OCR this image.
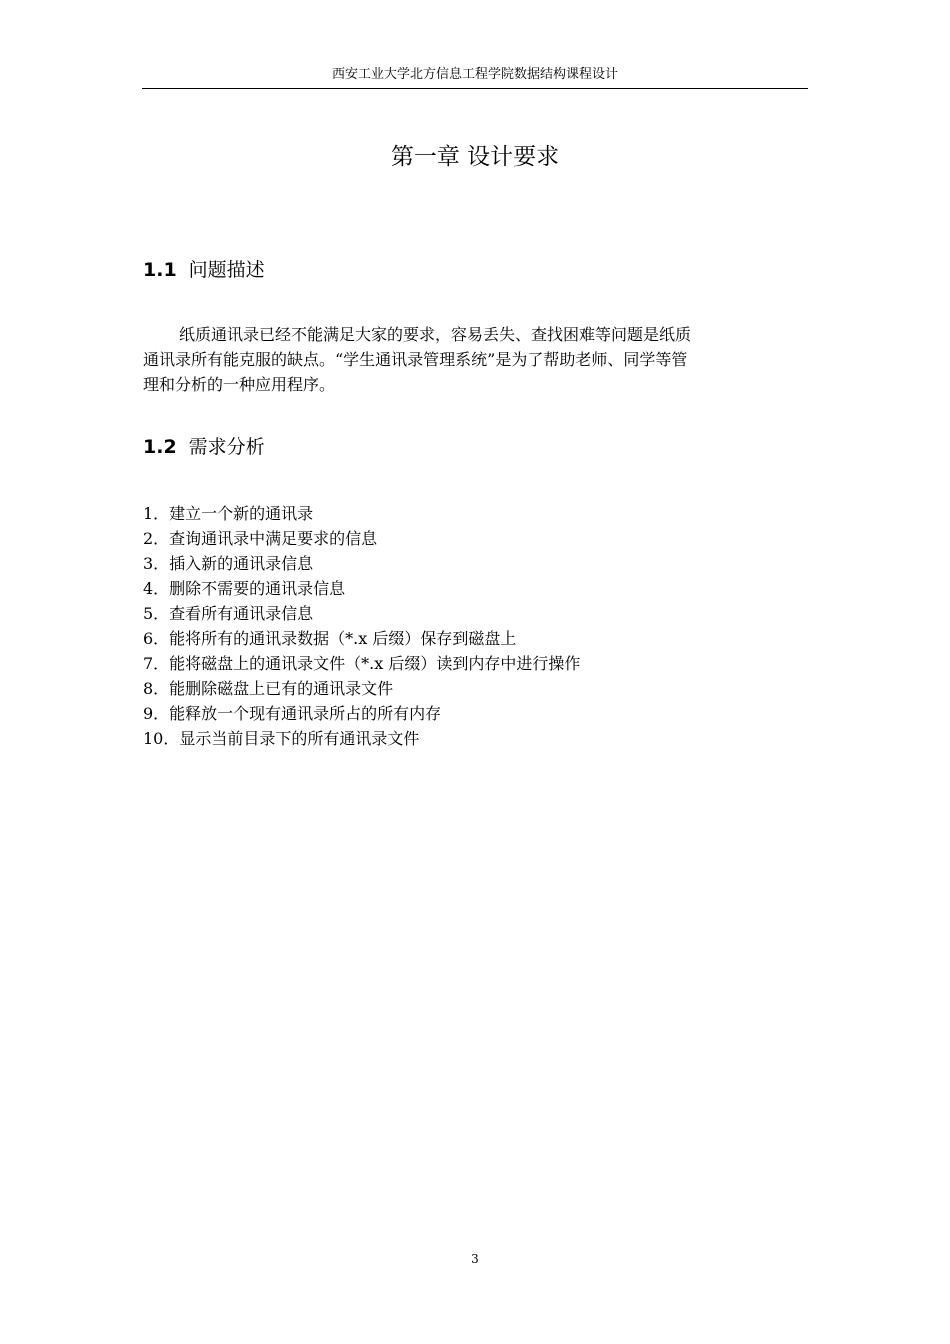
西安工业大学北方信息工程学院数据结构课程设计
第一章 设计要求
1.1 问题描述
纸质通讯录已经不能满足大家的要求，容易丢失、查找困难等问题是纸质
通讯录所有能克服的缺点。“学生通讯录管理系统”是为了帮助老师、同学等管
理和分析的一种应用程序。
1.2 需求分析
1．建立一个新的通讯录
2．查询通讯录中满足要求的信息
3．插入新的通讯录信息
4．删除不需要的通讯录信息
5．查看所有通讯录信息
6．能将所有的通讯录数据（*.x 后缀）保存到磁盘上
7．能将磁盘上的通讯录文件（*.x 后缀）读到内存中进行操作
8．能删除磁盘上已有的通讯录文件
9．能释放一个现有通讯录所占的所有内存
10．显示当前目录下的所有通讯录文件
3
